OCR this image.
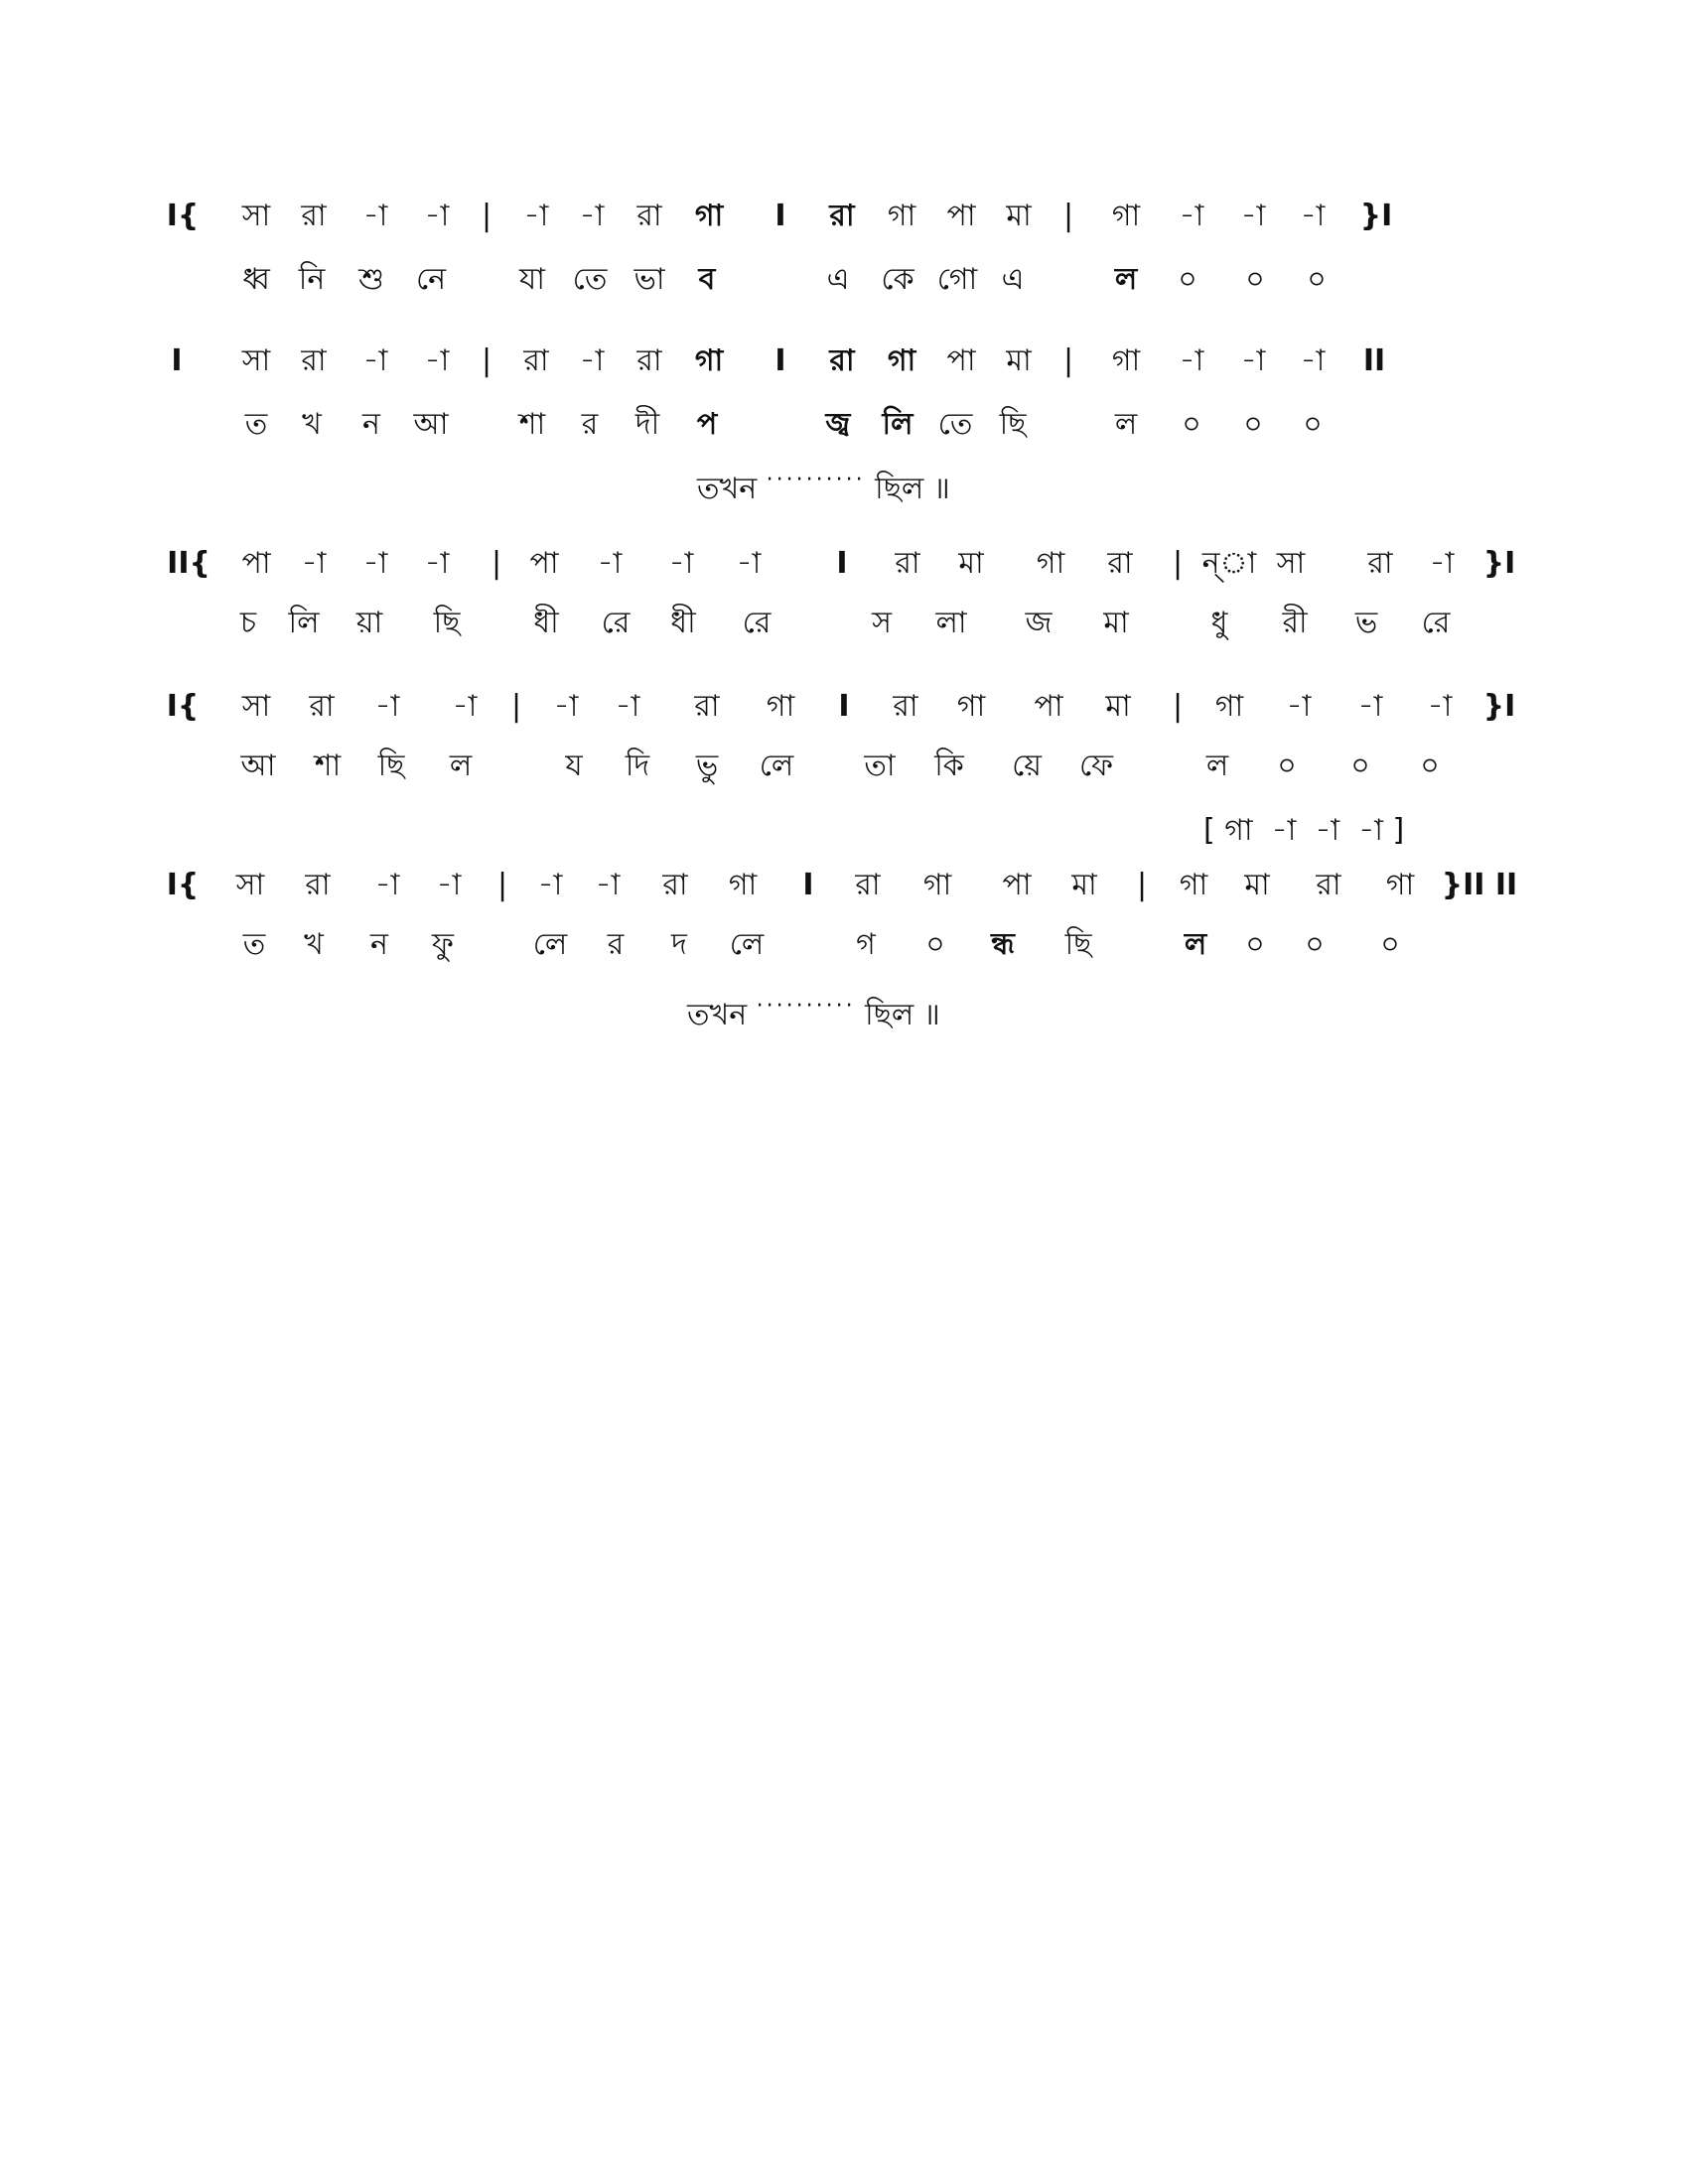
I{ সা রা -া -া | -া -া রা গা I রা গা পা মা | গা -া -া -া }I
ধ্ব নি শু নে যা তে ভা ব	এ কে গো এ	ল ০ ০ ০
I সা রা -া -া | রা -া রা গা I রা গা পা মা | গা -া -া -া II
ত খ ন আ শা র দী প	জ্ব লি তে ছি	ল ০ ০ ০
তখন ·········· ছিল ॥
II{ পা -া -া -া | পা -া -া -া	I রা মা গা রা | ন্‌া সা রা -া }I
চ লি য়া ছি ধী রে ধী রে	স লা জ মা	ধু রী ভ রে
I{ সা রা -া -া | -া -া রা গা I রা গা পা মা | গা -া -া -া }I
আ শা ছি ল	য দি ভু লে তা কি য়ে ফে	ল ০ ০ ০
[ গা  -া  -া  -া ]
I{ সা রা -া -া | -া -া রা গা I রা গা পা মা | গা মা রা গা }II II
ত খ ন ফু	লে র দ লে	গ ০ ন্ধ ছি	ল ০ ০ ০
তখন ·········· ছিল ॥
